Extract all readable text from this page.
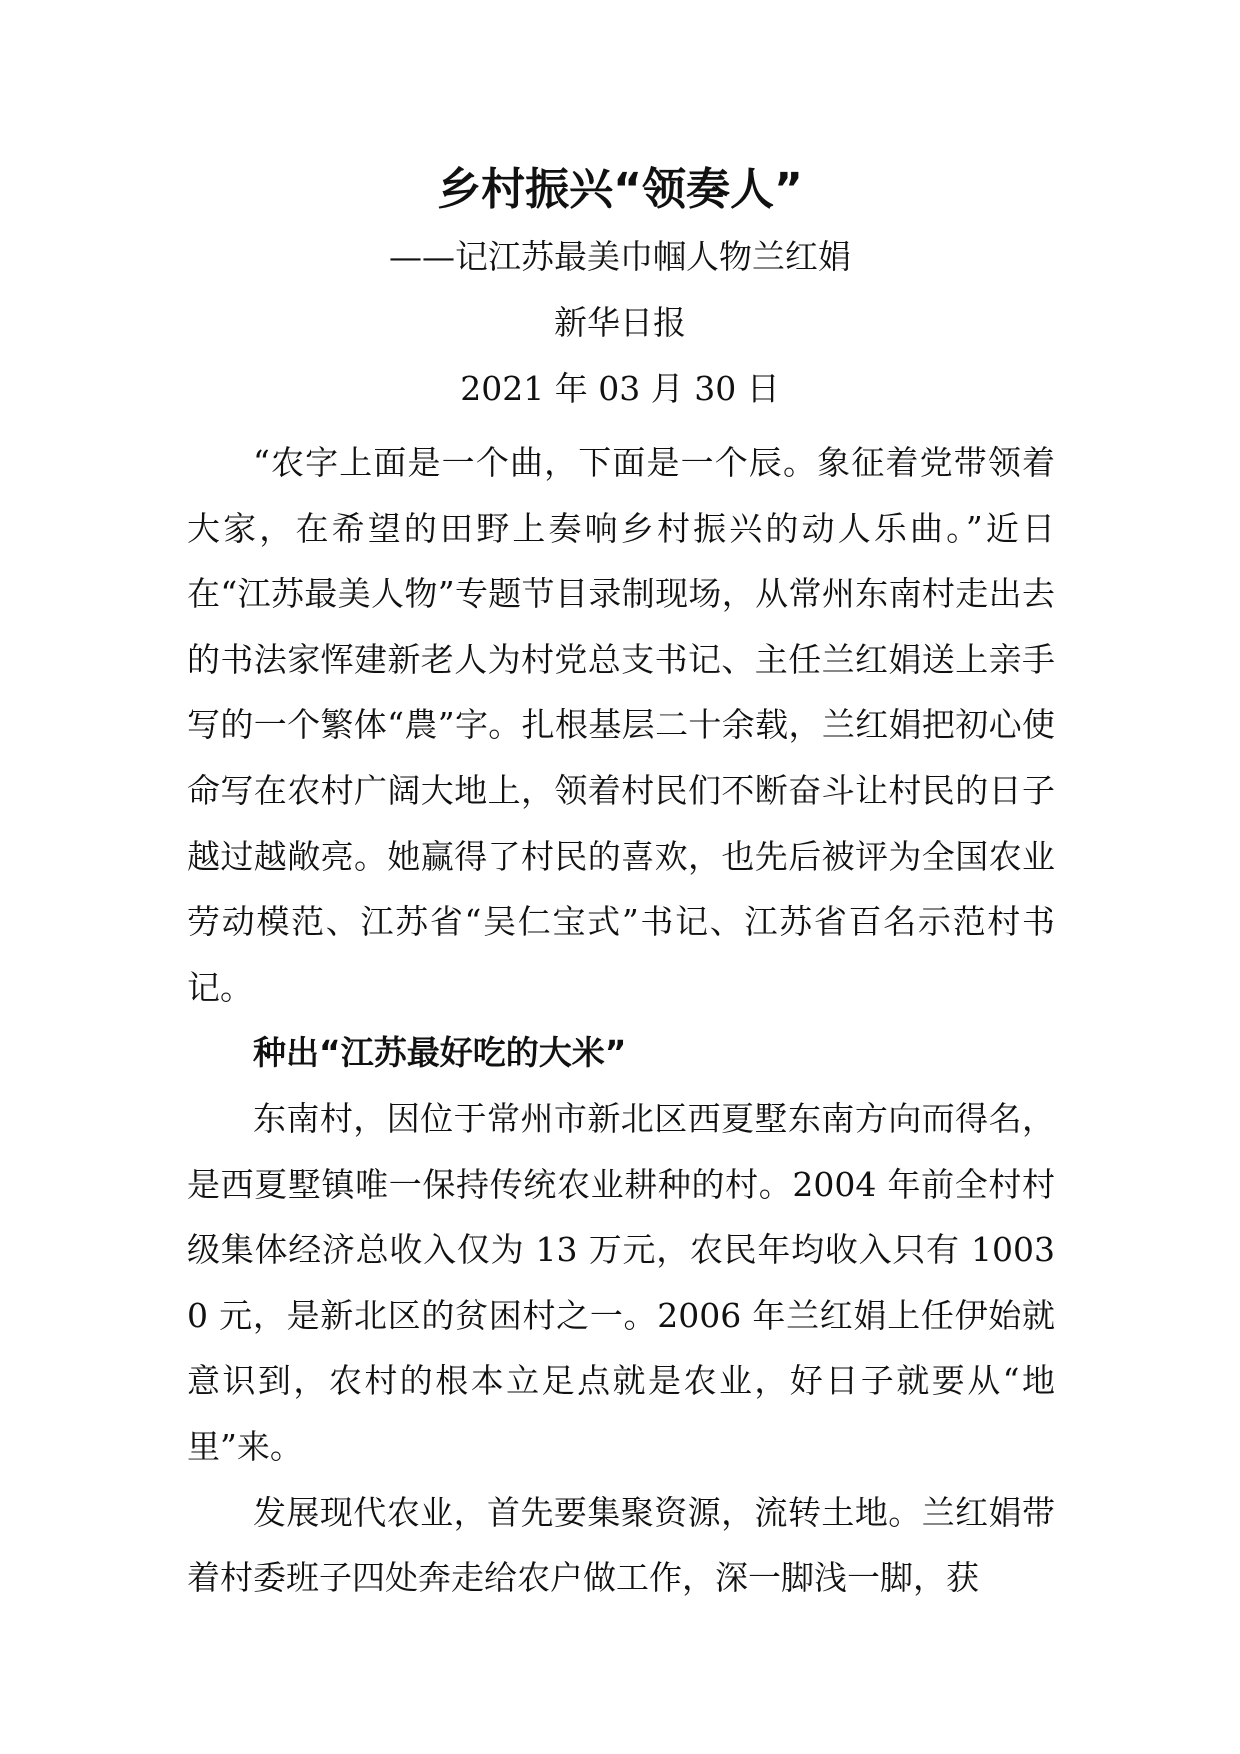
乡村振兴“领奏人”
——记江苏最美巾帼人物兰红娟
新华日报
2021 年 03 月 30 日

“农字上面是一个曲，下面是一个辰。象征着党带领着大家，在希望的田野上奏响乡村振兴的动人乐曲。”近日在“江苏最美人物”专题节目录制现场，从常州东南村走出去的书法家恽建新老人为村党总支书记、主任兰红娟送上亲手写的一个繁体“農”字。扎根基层二十余载，兰红娟把初心使命写在农村广阔大地上，领着村民们不断奋斗让村民的日子越过越敞亮。她赢得了村民的喜欢，也先后被评为全国农业劳动模范、江苏省“吴仁宝式”书记、江苏省百名示范村书记。

种出“江苏最好吃的大米”

东南村，因位于常州市新北区西夏墅东南方向而得名，是西夏墅镇唯一保持传统农业耕种的村。2004 年前全村村级集体经济总收入仅为 13 万元，农民年均收入只有 10030 元，是新北区的贫困村之一。2006 年兰红娟上任伊始就意识到，农村的根本立足点就是农业，好日子就要从“地里”来。

发展现代农业，首先要集聚资源，流转土地。兰红娟带着村委班子四处奔走给农户做工作，深一脚浅一脚，获
